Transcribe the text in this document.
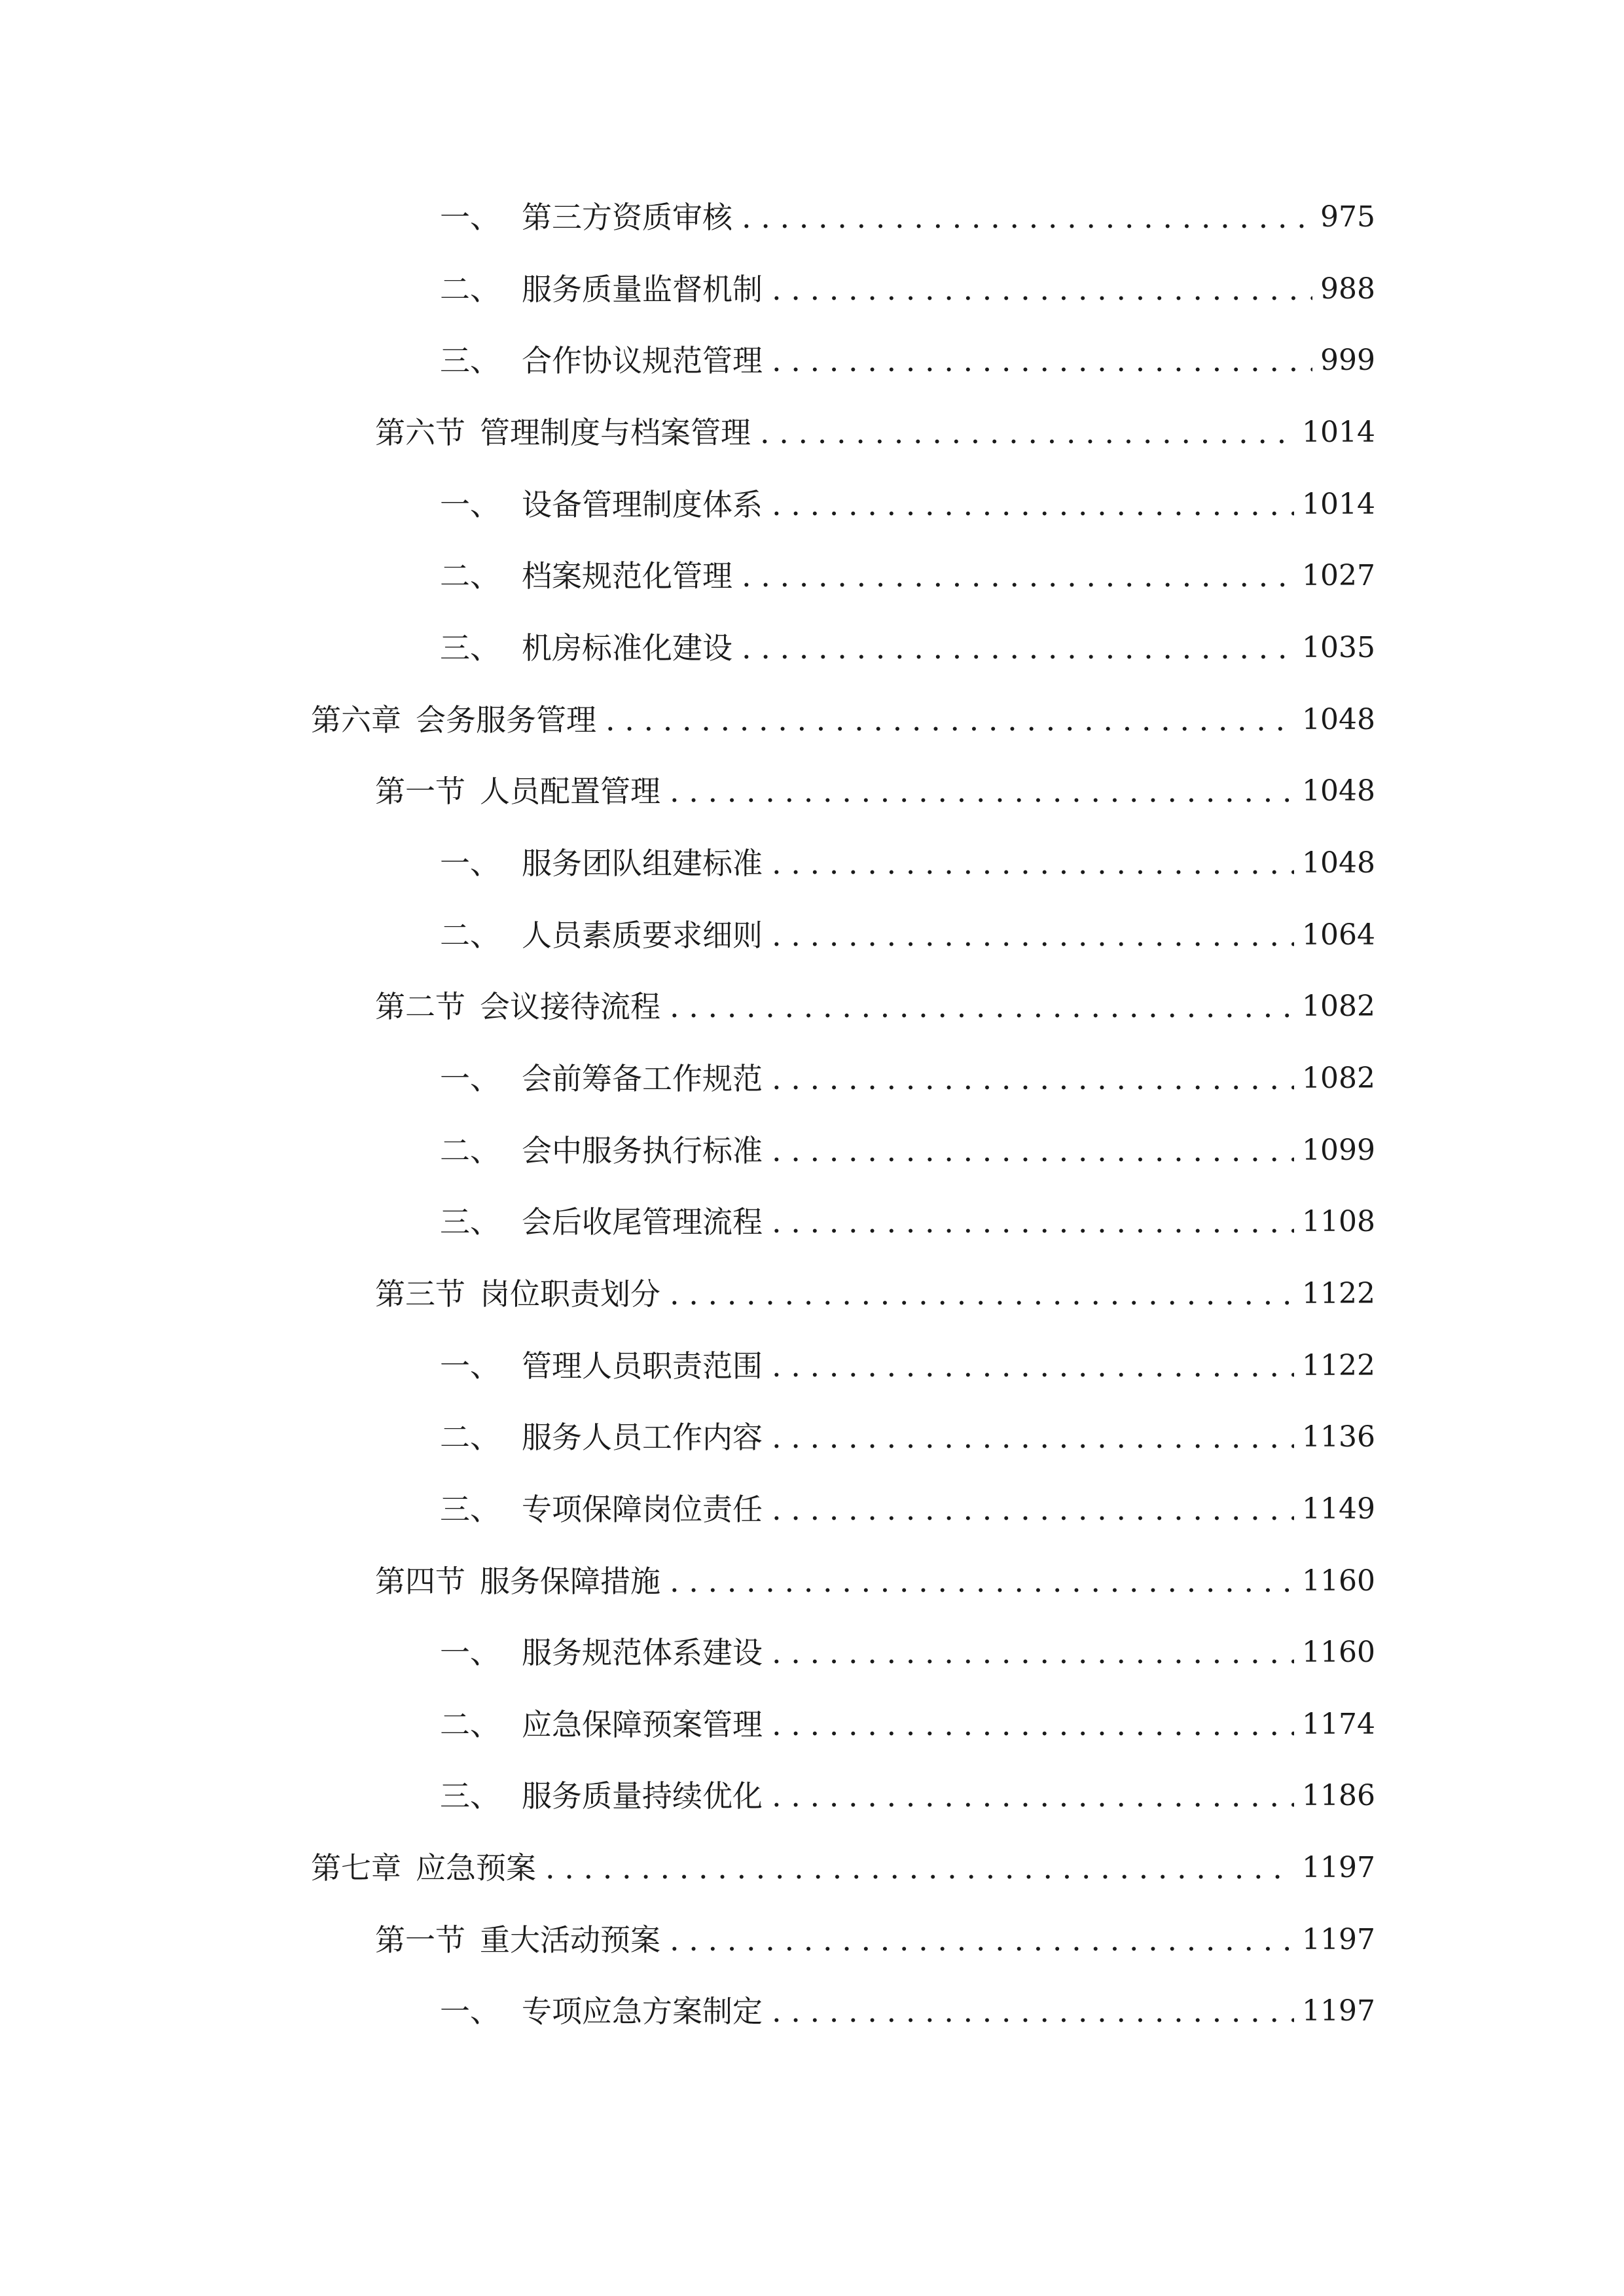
一、 第三方资质审核 . . .	975
二、 服务质量监督机制 . . .	988
三、 合作协议规范管理 . . .	999
第六节 管理制度与档案管理 . . .	1014
一、 设备管理制度体系 . . .	1014
二、 档案规范化管理 . . .	1027
三、 机房标准化建设 . . .	1035
第六章 会务服务管理 . . .	1048
第一节 人员配置管理 . . .	1048
一、 服务团队组建标准 . . .	1048
二、 人员素质要求细则 . . .	1064
第二节 会议接待流程 . . .	1082
一、 会前筹备工作规范 . . .	1082
二、 会中服务执行标准 . . .	1099
三、 会后收尾管理流程 . . .	1108
第三节 岗位职责划分 . . .	1122
一、 管理人员职责范围 . . .	1122
二、 服务人员工作内容 . . .	1136
三、 专项保障岗位责任 . . .	1149
第四节 服务保障措施 . . .	1160
一、 服务规范体系建设 . . .	1160
二、 应急保障预案管理 . . .	1174
三、 服务质量持续优化 . . .	1186
第七章 应急预案 . . .	1197
第一节 重大活动预案 . . .	1197
一、 专项应急方案制定 . . .	1197
